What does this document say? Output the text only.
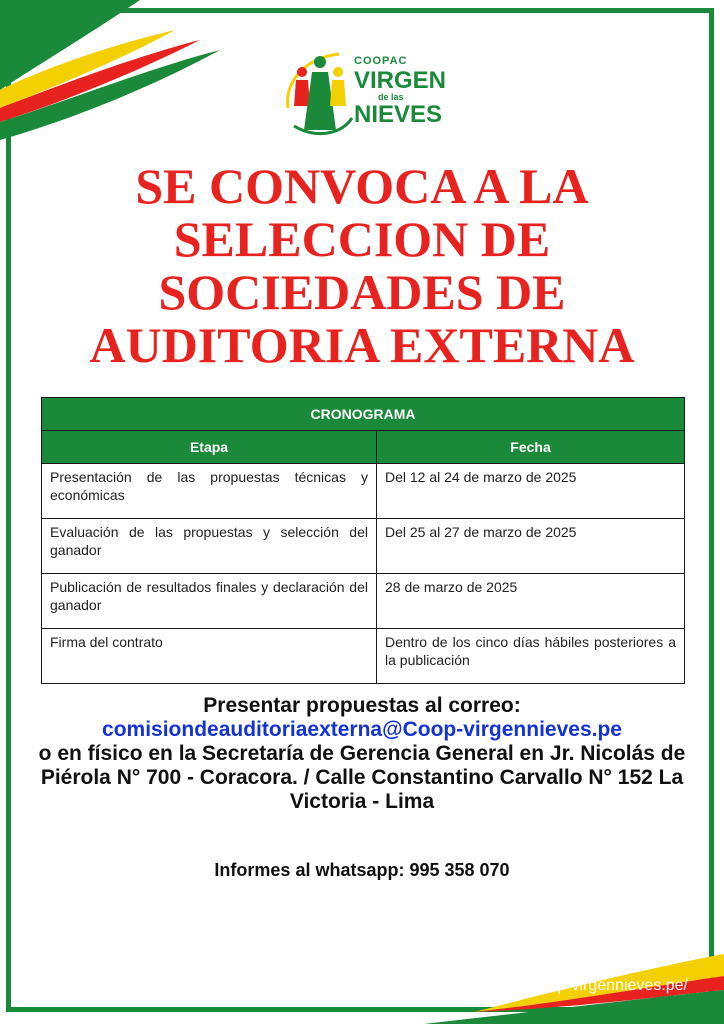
COOPAC
VIRGEN
de las
NIEVES
SE CONVOCA A LA
SELECCION DE
SOCIEDADES DE
AUDITORIA EXTERNA
CRONOGRAMA	
Etapa	Fecha
Presentación de las propuestas técnicas y económicas	Del 12 al 24 de marzo de 2025
Evaluación de las propuestas y selección del ganador	Del 25 al 27 de marzo de 2025
Publicación de resultados finales y declaración del ganador	28 de marzo de 2025
Firma del contrato	Dentro de los cinco días hábiles posteriores a la publicación
Presentar propuestas al correo:
comisiondeauditoriaexterna@Coop-virgennieves.pe
o en físico en la Secretaría de Gerencia General en Jr. Nicolás de Piérola N° 700 - Coracora. / Calle Constantino Carvallo N° 152 La Victoria - Lima
Informes al whatsapp: 995 358 070
https://coop-virgennieves.pe/
